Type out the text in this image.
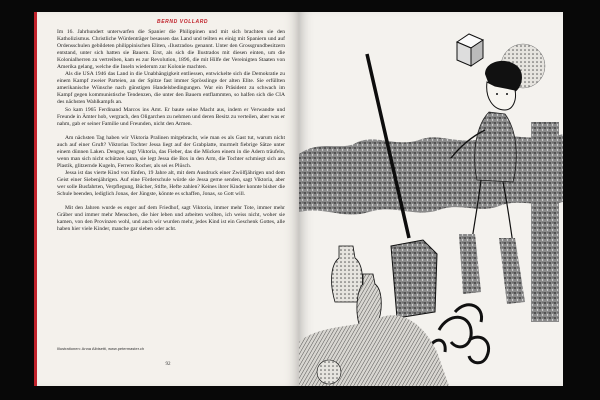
BERND VOLLARD

Im 16. Jahrhundert unterwarfen die Spanier die Philippinen und mit sich brachten sie den Katholizismus. Christliche Würdenträger besassen das Land und teilten es einig mit Spaniern und auf Ordensschulen gebildeten philippinischen Eliten, ›Ilustrados‹ genannt. Unter den Grossgrundbesitzern entstand, unter sich hatten sie Bauern. Erst, als sich die Ilustrados mit diesen einten, um die Kolonialherren zu vertreiben, kam es zur Revolution, 1896, die mit Hilfe der Vereinigten Staaten von Amerika gelang, welche die Inseln wiederum zur Kolonie machten.

Als die USA 1946 das Land in die Unabhängigkeit entliessen, entwickelte sich die Demokratie zu einem Kampf zweier Parteien, an der Spitze fast immer Sprösslinge der alten Elite. Sie erfüllten amerikanische Wünsche nach günstigen Handelsbedingungen. War ein Präsident zu schwach im Kampf gegen kommunistische Tendenzen, die unter den Bauern entflammten, so halfen sich die CIA des nächsten Wahlkampfs an.

So kam 1965 Ferdinand Marcos ins Amt. Er baute seine Macht aus, indem er Verwandte und Freunde in Ämter hob, vergrach, den Oligarchen zu nehmen und deren Besitz zu verteilen, aber was er nahm, gab er seiner Familie und Freunden, nicht den Armen.

Am nächsten Tag haben wir Viktoria Pralinen mitgebracht, wie man es als Gast tut, warum nicht auch auf einer Gruft? Viktorias Tochter Jessa liegt auf der Grabplatte, murmelt fiebrige Sätze unter einem dünnen Laken. Dengue, sagt Viktoria, das Fieber, das die Mücken einem in die Adern träufeln, wenn man sich nicht schützen kann, sie legt Jessa die Box in den Arm, die Tochter schmiegt sich ans Plastik, glitzernde Kugeln, Ferrero Rocher, als sei es Plüsch.

Jessa ist das vierte Kind von fünfen, 19 Jahre alt, mit dem Ausdruck einer Zwölfjährigen und dem Geist einer Siebenjährigen. Auf eine Förderschule würde sie Jessa gerne senden, sagt Viktoria, aber wer solle Busfahrten, Verpflegung, Bücher, Stifte, Hefte zahlen? Keines ihrer Kinder konnte bisher die Schule beenden, lediglich Jonas, der Jüngste, könnte es schaffen, Jonas, so Gott will.

Mit den Jahren wurde es enger auf dem Friedhof, sagt Viktoria, immer mehr Tote, immer mehr Gräber und immer mehr Menschen, die hier leben und arbeiten wollten, ich weiss nicht, woher sie kamen, von den Provinzen wohl, und auch wir wurden mehr, jedes Kind ist ein Geschenk Gottes, alle haben hier viele Kinder, manche gar sieben oder acht.

Illustrationen: Anna Albisetti, www.petermaster.ch
92
